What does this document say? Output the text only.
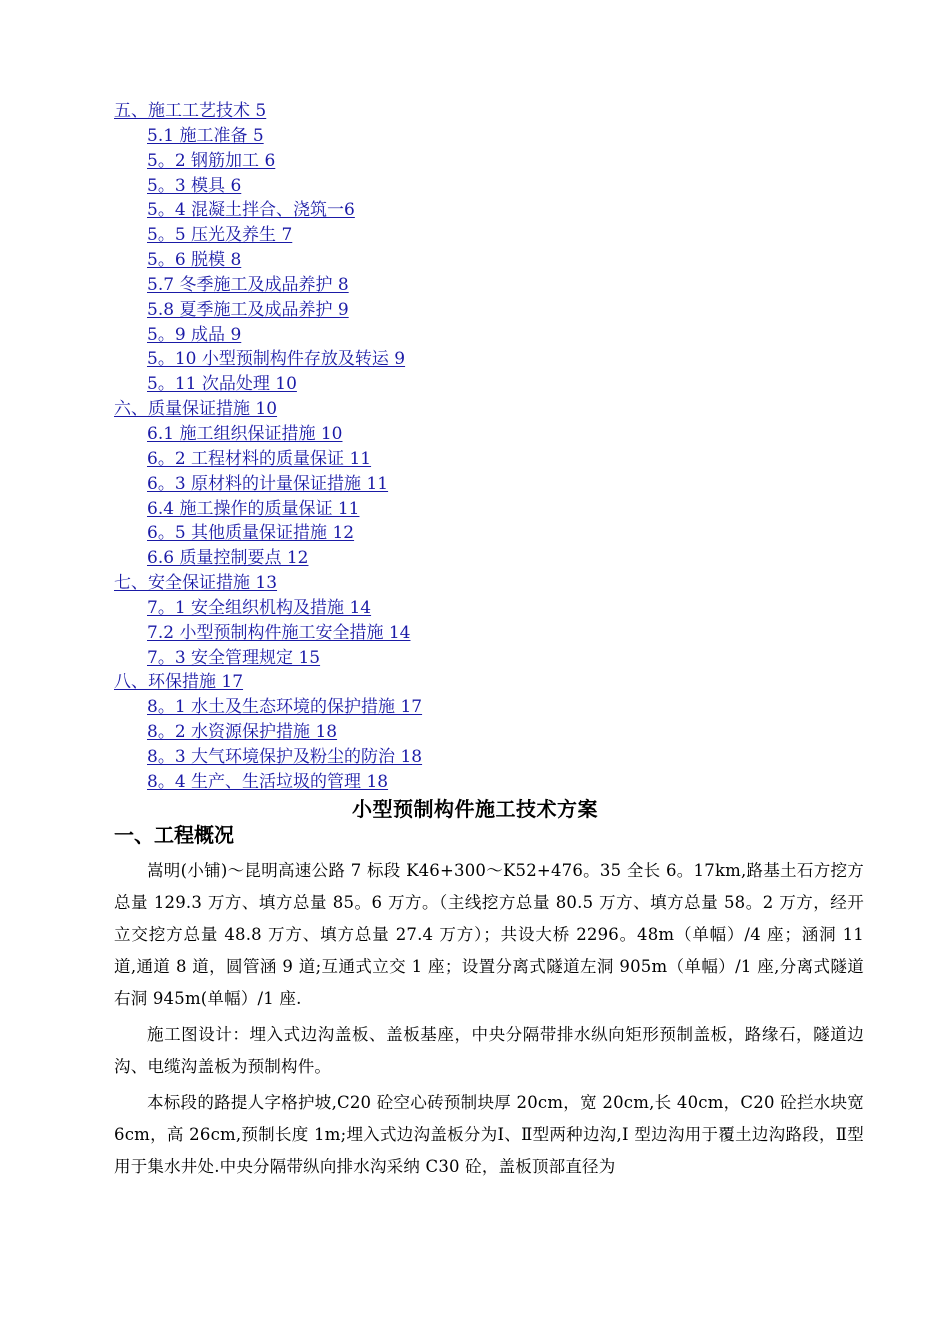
五、施工工艺技术 5
5.1 施工准备 5
5。2 钢筋加工 6
5。3 模具 6
5。4 混凝土拌合、浇筑一6
5。5 压光及养生 7
5。6 脱模 8
5.7 冬季施工及成品养护 8
5.8 夏季施工及成品养护 9
5。9 成品 9
5。10 小型预制构件存放及转运 9
5。11 次品处理 10
六、质量保证措施 10
6.1 施工组织保证措施 10
6。2 工程材料的质量保证 11
6。3 原材料的计量保证措施 11
6.4 施工操作的质量保证 11
6。5 其他质量保证措施 12
6.6 质量控制要点 12
七、安全保证措施 13
7。1 安全组织机构及措施 14
7.2 小型预制构件施工安全措施 14
7。3 安全管理规定 15
八、环保措施 17
8。1 水土及生态环境的保护措施 17
8。2 水资源保护措施 18
8。3 大气环境保护及粉尘的防治 18
8。4 生产、生活垃圾的管理 18
小型预制构件施工技术方案
一、工程概况

嵩明(小铺)～昆明高速公路 7 标段 K46+300～K52+476。35 全长 6。17km,路基土石方挖方总量 129.3 万方、填方总量 85。6 万方。（主线挖方总量 80.5 万方、填方总量 58。2 万方，经开立交挖方总量 48.8 万方、填方总量 27.4 万方）；共设大桥 2296。48m（单幅）/4 座；涵洞 11 道,通道 8 道，圆管涵 9 道;互通式立交 1 座；设置分离式隧道左洞 905m（单幅）/1 座,分离式隧道右洞 945m(单幅）/1 座.

施工图设计：埋入式边沟盖板、盖板基座，中央分隔带排水纵向矩形预制盖板，路缘石，隧道边沟、电缆沟盖板为预制构件。

本标段的路提人字格护坡,C20 砼空心砖预制块厚 20cm，宽 20cm,长 40cm，C20 砼拦水块宽 6cm，高 26cm,预制长度 1m;埋入式边沟盖板分为Ⅰ、Ⅱ型两种边沟,Ⅰ 型边沟用于覆土边沟路段，Ⅱ型用于集水井处.中央分隔带纵向排水沟采纳 C30 砼，盖板顶部直径为
